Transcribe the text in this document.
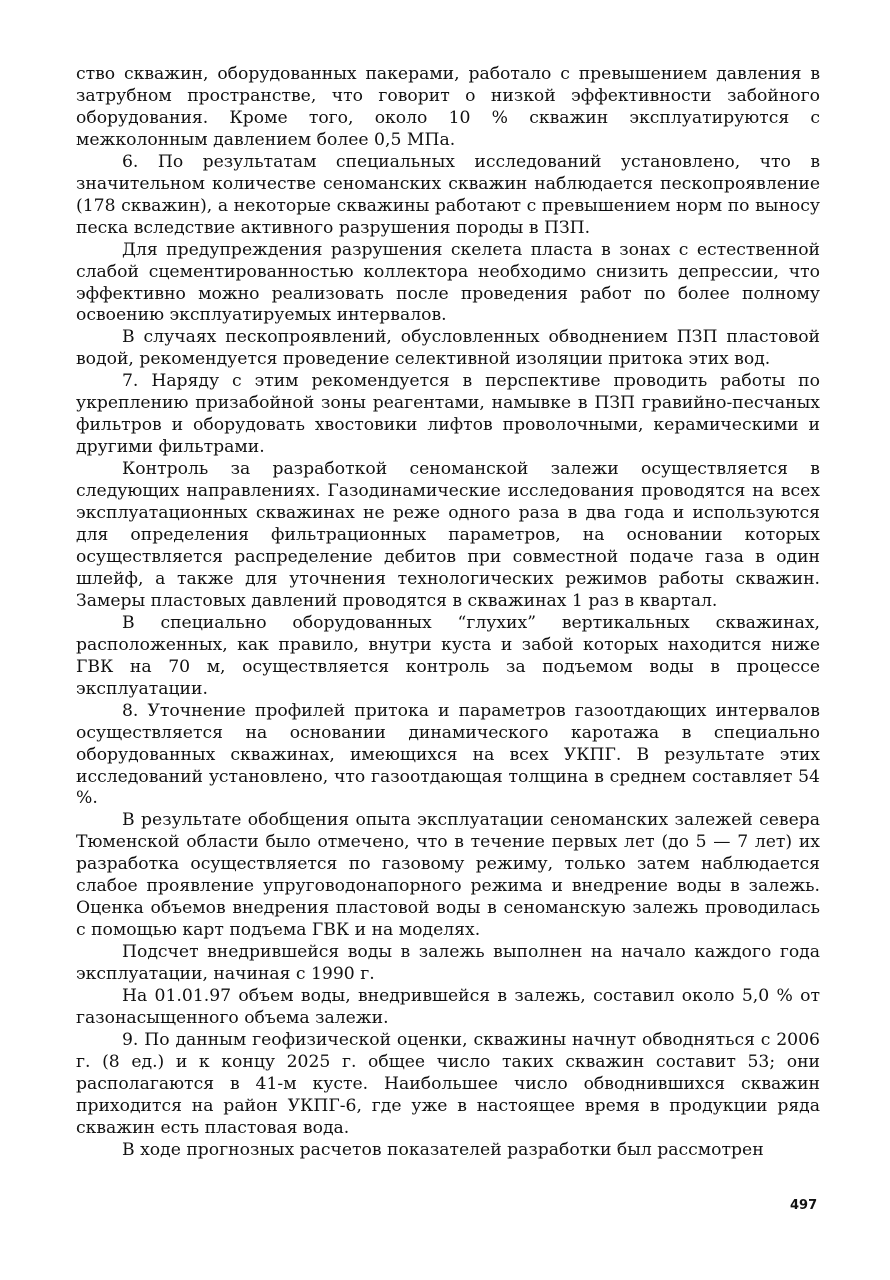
ство скважин, оборудованных пакерами, работало с превышением давления в затрубном пространстве, что говорит о низкой эффективности забойного оборудования. Кроме того, около 10 % скважин эксплуатируются с межколонным давлением более 0,5 МПа.

6. По результатам специальных исследований установлено, что в значительном количестве сеноманских скважин наблюдается пескопроявление (178 скважин), а некоторые скважины работают с превышением норм по выносу песка вследствие активного разрушения породы в ПЗП.

Для предупреждения разрушения скелета пласта в зонах с естественной слабой сцементированностью коллектора необходимо снизить депрессии, что эффективно можно реализовать после проведения работ по более полному освоению эксплуатируемых интервалов.

В случаях пескопроявлений, обусловленных обводнением ПЗП пластовой водой, рекомендуется проведение селективной изоляции притока этих вод.

7. Наряду с этим рекомендуется в перспективе проводить работы по укреплению призабойной зоны реагентами, намывке в ПЗП гравийно-песчаных фильтров и оборудовать хвостовики лифтов проволочными, керамическими и другими фильтрами.

Контроль за разработкой сеноманской залежи осуществляется в следующих направлениях. Газодинамические исследования проводятся на всех эксплуатационных скважинах не реже одного раза в два года и используются для определения фильтрационных параметров, на основании которых осуществляется распределение дебитов при совместной подаче газа в один шлейф, а также для уточнения технологических режимов работы скважин. Замеры пластовых давлений проводятся в скважинах 1 раз в квартал.

В специально оборудованных “глухих” вертикальных скважинах, расположенных, как правило, внутри куста и забой которых находится ниже ГВК на 70 м, осуществляется контроль за подъемом воды в процессе эксплуатации.

8. Уточнение профилей притока и параметров газоотдающих интервалов осуществляется на основании динамического каротажа в специально оборудованных скважинах, имеющихся на всех УКПГ. В результате этих исследований установлено, что газоотдающая толщина в среднем составляет 54 %.

В результате обобщения опыта эксплуатации сеноманских залежей севера Тюменской области было отмечено, что в течение первых лет (до 5 — 7 лет) их разработка осуществляется по газовому режиму, только затем наблюдается слабое проявление упруговодонапорного режима и внедрение воды в залежь. Оценка объемов внедрения пластовой воды в сеноманскую залежь проводилась с помощью карт подъема ГВК и на моделях.

Подсчет внедрившейся воды в залежь выполнен на начало каждого года эксплуатации, начиная с 1990 г.

На 01.01.97 объем воды, внедрившейся в залежь, составил около 5,0 % от газонасыщенного объема залежи.

9. По данным геофизической оценки, скважины начнут обводняться с 2006 г. (8 ед.) и к концу 2025 г. общее число таких скважин составит 53; они располагаются в 41-м кусте. Наибольшее число обводнившихся скважин приходится на район УКПГ-6, где уже в настоящее время в продукции ряда скважин есть пластовая вода.

В ходе прогнозных расчетов показателей разработки был рассмотрен

497
